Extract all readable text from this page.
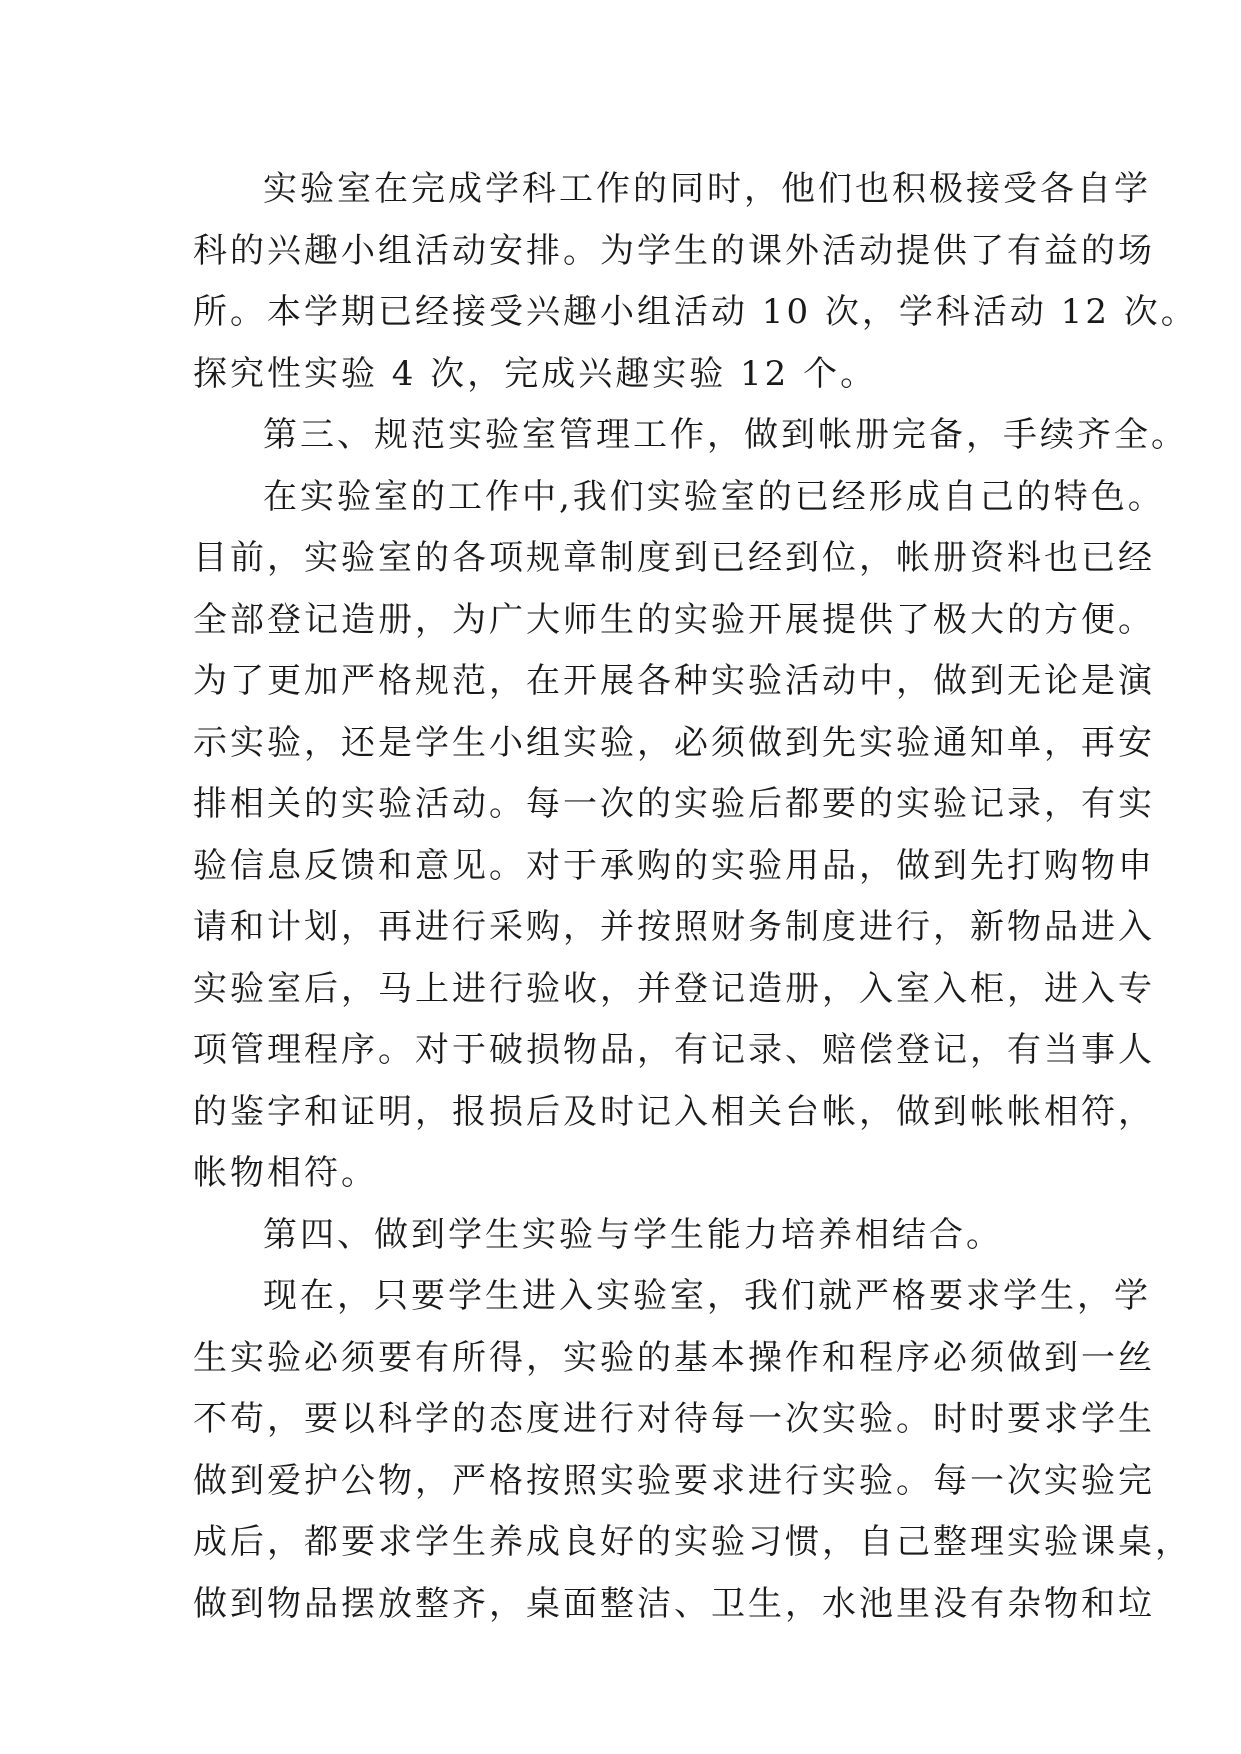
实验室在完成学科工作的同时，他们也积极接受各自学
科的兴趣小组活动安排。为学生的课外活动提供了有益的场
所。本学期已经接受兴趣小组活动 10 次，学科活动 12 次。
探究性实验 4 次，完成兴趣实验 12 个。
第三、规范实验室管理工作，做到帐册完备，手续齐全。
在实验室的工作中,我们实验室的已经形成自己的特色。
目前，实验室的各项规章制度到已经到位，帐册资料也已经
全部登记造册，为广大师生的实验开展提供了极大的方便。
为了更加严格规范，在开展各种实验活动中，做到无论是演
示实验，还是学生小组实验，必须做到先实验通知单，再安
排相关的实验活动。每一次的实验后都要的实验记录，有实
验信息反馈和意见。对于承购的实验用品，做到先打购物申
请和计划，再进行采购，并按照财务制度进行，新物品进入
实验室后，马上进行验收，并登记造册，入室入柜，进入专
项管理程序。对于破损物品，有记录、赔偿登记，有当事人
的鉴字和证明，报损后及时记入相关台帐，做到帐帐相符，
帐物相符。
第四、做到学生实验与学生能力培养相结合。
现在，只要学生进入实验室，我们就严格要求学生，学
生实验必须要有所得，实验的基本操作和程序必须做到一丝
不苟，要以科学的态度进行对待每一次实验。时时要求学生
做到爱护公物，严格按照实验要求进行实验。每一次实验完
成后，都要求学生养成良好的实验习惯，自己整理实验课桌，
做到物品摆放整齐，桌面整洁、卫生，水池里没有杂物和垃
